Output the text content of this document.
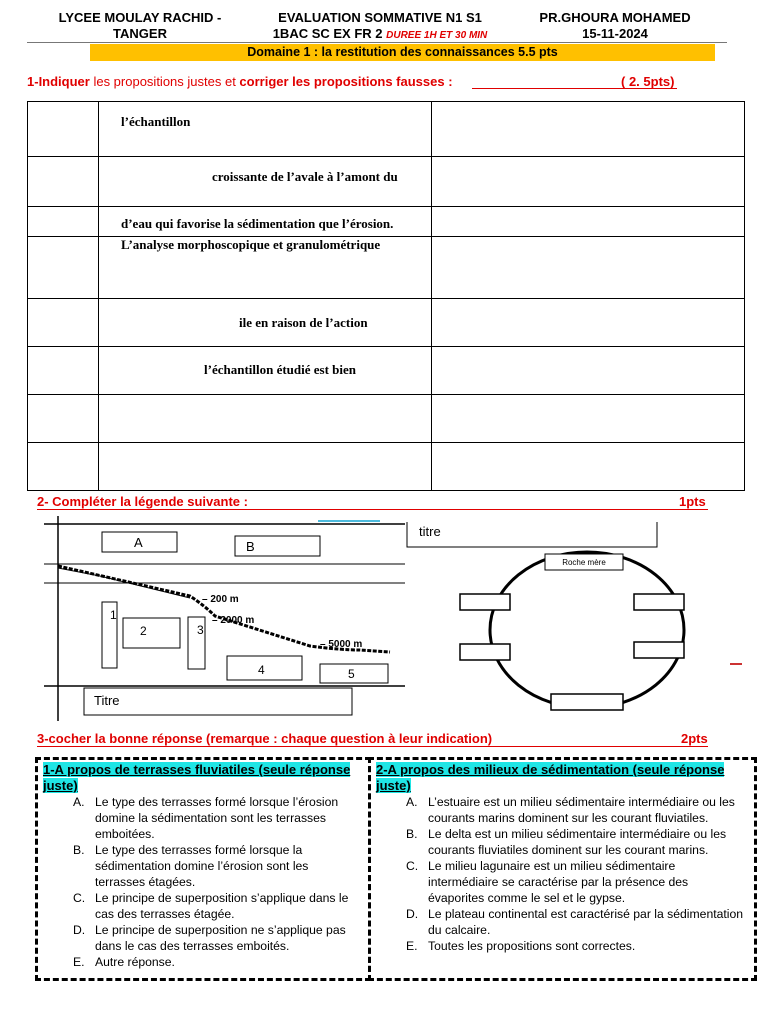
LYCEE MOULAY RACHID -
TANGER
EVALUATION SOMMATIVE N1 S1
1BAC SC EX FR 2 DUREE 1H ET 30 MIN
PR.GHOURA MOHAMED
15-11-2024
Domaine 1 : la restitution des connaissances 5.5 pts
1-Indiquer les propositions justes et corriger les propositions fausses :	( 2. 5pts)

	l’échantillon	

	croissante de l’avale à l’amont du	

	d’eau qui favorise la sédimentation que l’érosion.	

	L’analyse morphoscopique et granulométrique	

	ile en raison de l’action	

	l’échantillon étudié est bien	

2- Compléter la légende suivante :	1pts
A	B
– 200 m
– 2000 m
– 5000 m
1
2	3
4	5
Titre
titre
Roche mère
3-cocher la bonne réponse (remarque : chaque question à leur indication)	2pts
1-A propos de terrasses fluviatiles (seule réponse juste)
A. Le type des terrasses formé lorsque l’érosion domine la sédimentation sont les terrasses emboitées.
B. Le type des terrasses formé lorsque la sédimentation domine l’érosion sont les terrasses étagées.
C. Le principe de superposition s’applique dans le cas des terrasses étagée.
D. Le principe de superposition ne s’applique pas dans le cas des terrasses emboités.
E. Autre réponse.
2-A propos des milieux de sédimentation (seule réponse juste)
A. L’estuaire est un milieu sédimentaire intermédiaire ou les courants marins dominent sur les courant fluviatiles.
B. Le delta est un milieu sédimentaire intermédiaire ou les courants fluviatiles dominent sur les courant marins.
C. Le milieu lagunaire est un milieu sédimentaire intermédiaire se caractérise par la présence des évaporites comme le sel et le gypse.
D. Le plateau continental est caractérisé par la sédimentation du calcaire.
E. Toutes les propositions sont correctes.
